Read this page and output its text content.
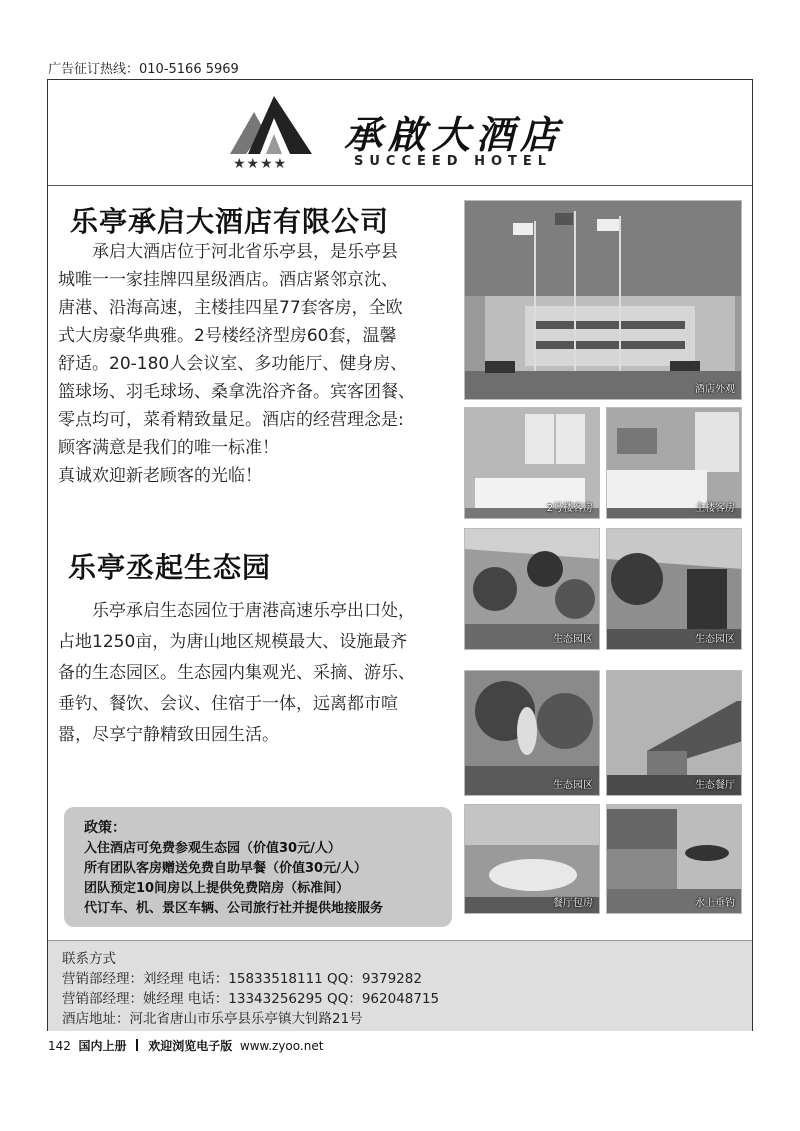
广告征订热线：010-5166 5969
★★★★
承啟大酒店
SUCCEED HOTEL
乐亭承启大酒店有限公司
承启大酒店位于河北省乐亭县，是乐亭县
城唯一一家挂牌四星级酒店。酒店紧邻京沈、
唐港、沿海高速，主楼挂四星77套客房，全欧
式大房豪华典雅。2号楼经济型房60套，温馨
舒适。20-180人会议室、多功能厅、健身房、
篮球场、羽毛球场、桑拿洗浴齐备。宾客团餐、
零点均可，菜肴精致量足。酒店的经营理念是:
顾客满意是我们的唯一标准！
真诚欢迎新老顾客的光临！
乐亭丞起生态园
乐亭承启生态园位于唐港高速乐亭出口处，
占地1250亩，为唐山地区规模最大、设施最齐
备的生态园区。生态园内集观光、采摘、游乐、
垂钓、餐饮、会议、住宿于一体，远离都市喧
嚣，尽享宁静精致田园生活。
酒店外观
2号楼客房	主楼客房
生态园区	生态园区
生态园区	生态餐厅
餐厅包房	水上垂钓
政策：
入住酒店可免费参观生态园（价值30元/人）
所有团队客房赠送免费自助早餐（价值30元/人）
团队预定10间房以上提供免费陪房（标准间）
代订车、机、景区车辆、公司旅行社并提供地接服务
联系方式
营销部经理：刘经理 电话：15833518111 QQ：9379282
营销部经理：姚经理 电话：13343256295 QQ：962048715
酒店地址：河北省唐山市乐亭县乐亭镇大钊路21号
142 国内上册 欢迎浏览电子版 www.zyoo.net
